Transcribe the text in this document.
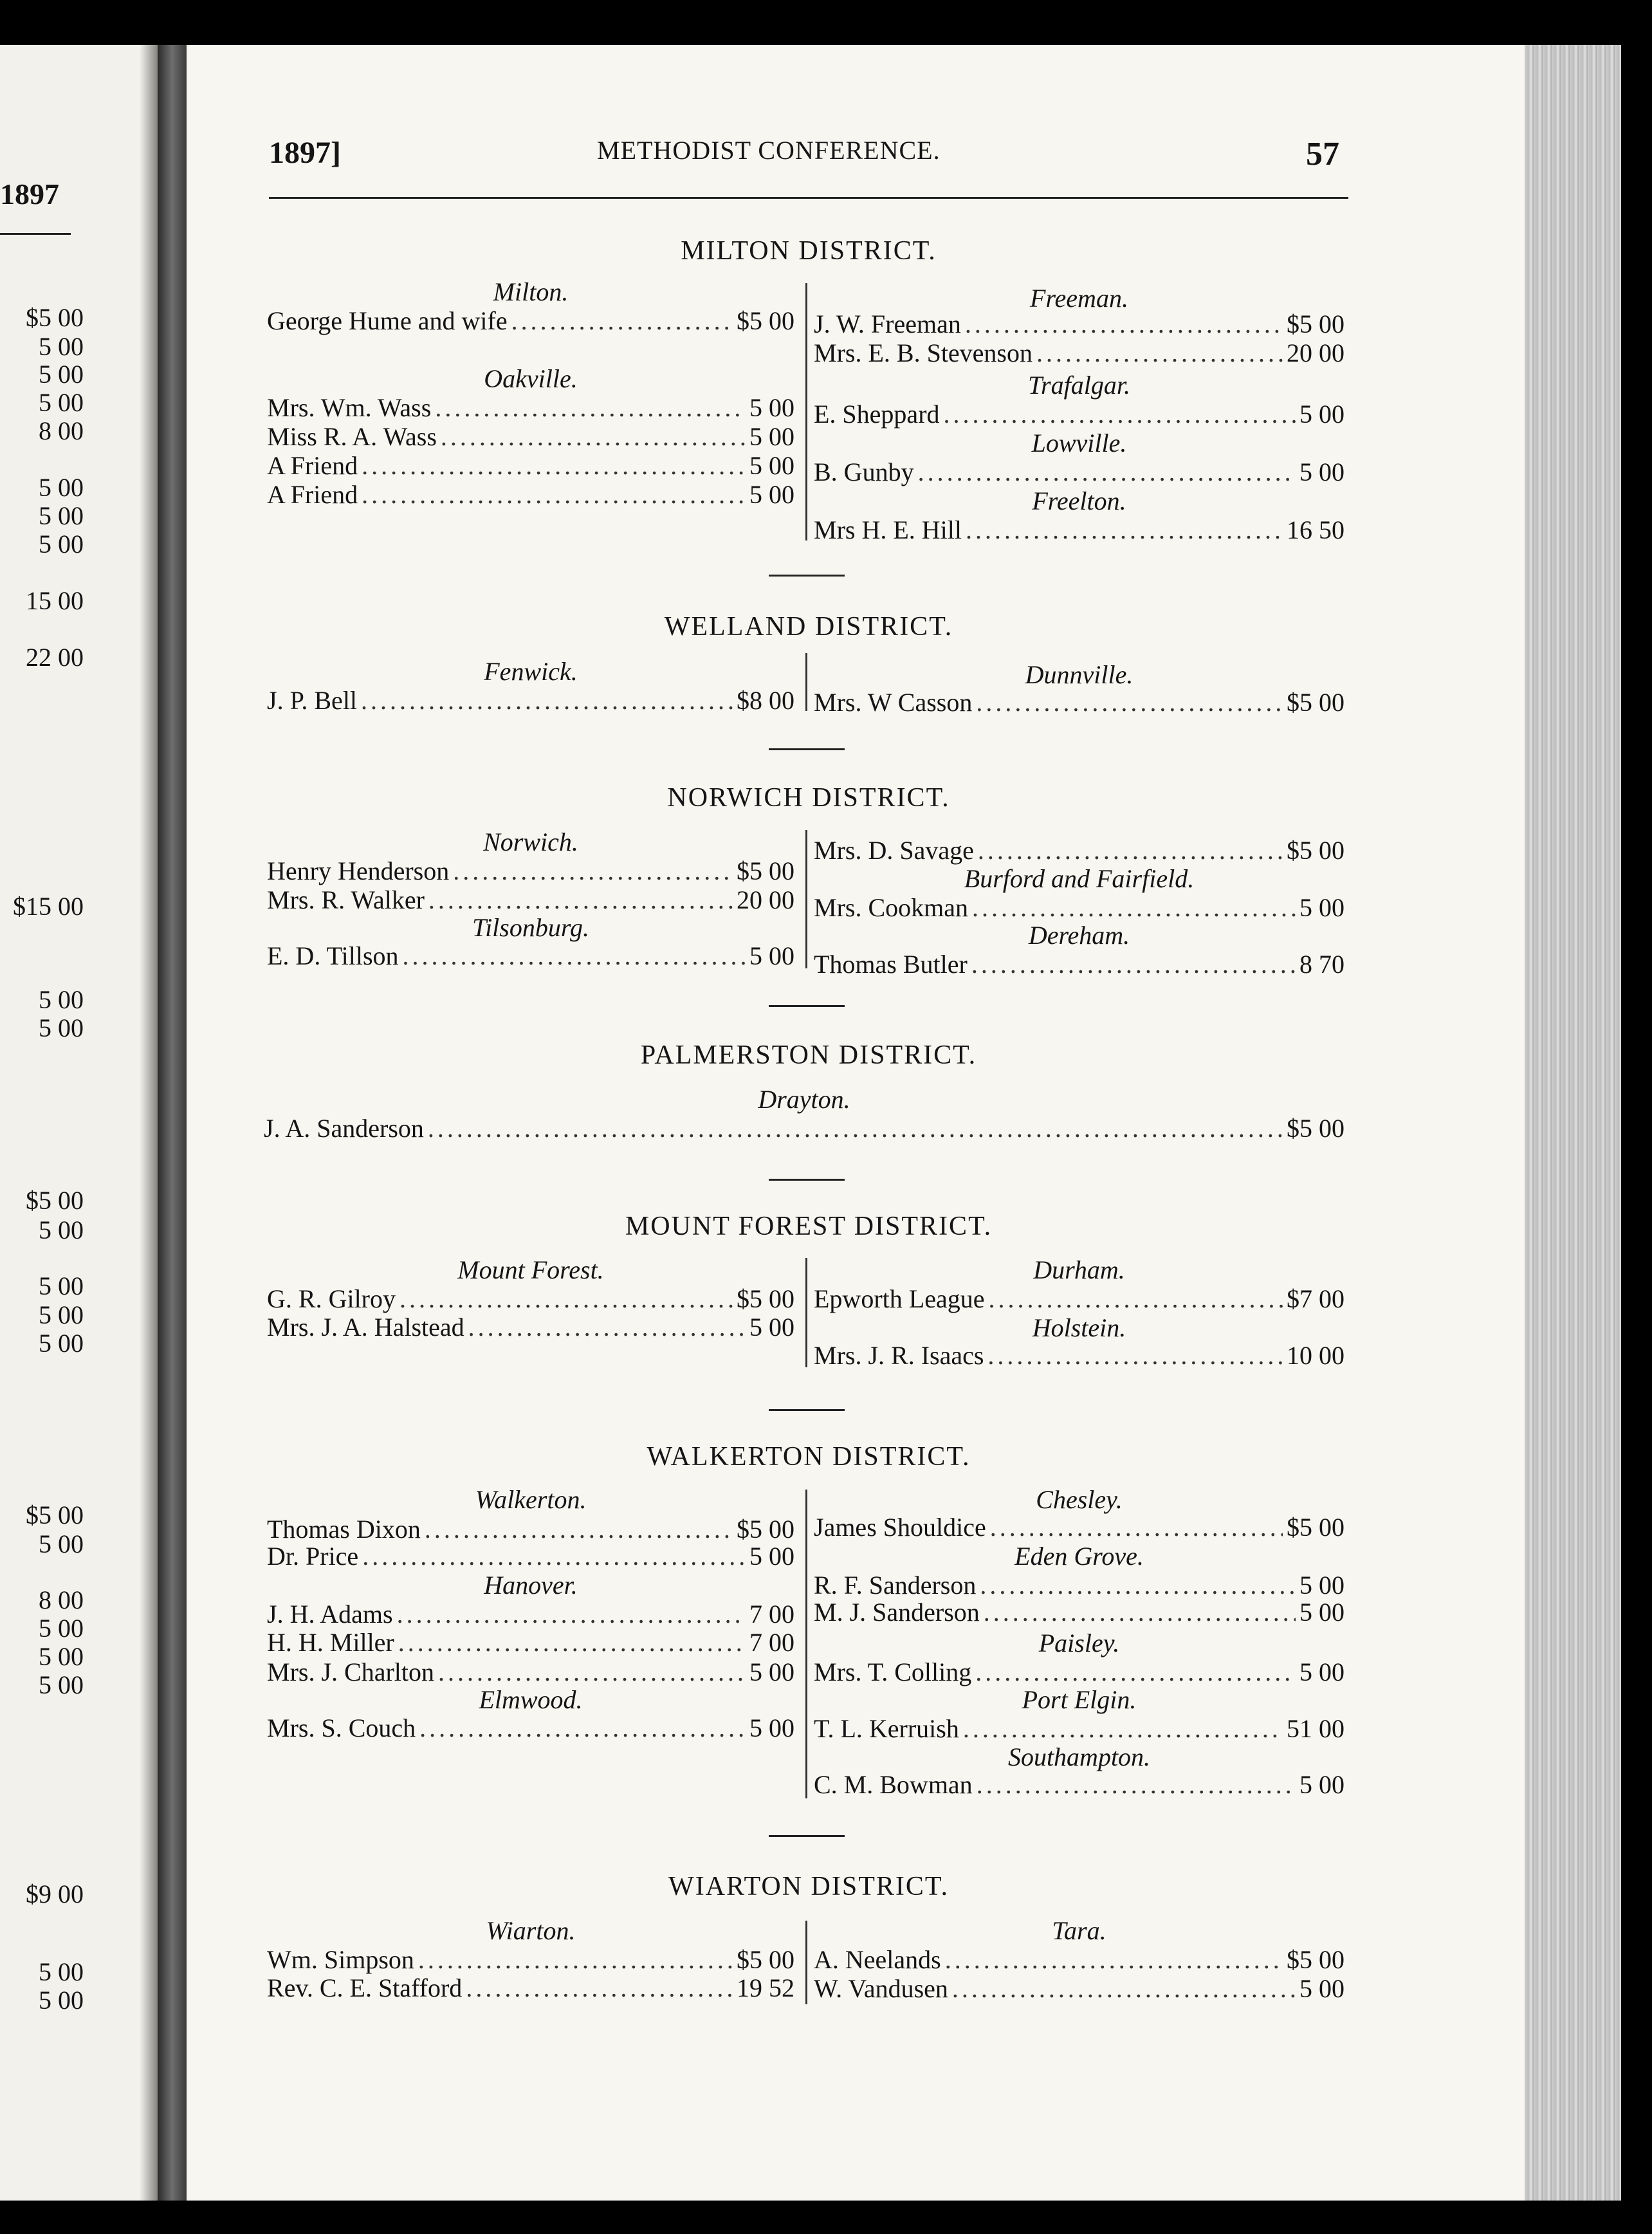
1897
$5 00
5 00
5 00
5 00
8 00
5 00
5 00
5 00
15 00
22 00
$15 00
5 00
5 00
$5 00
5 00
5 00
5 00
5 00
$5 00
5 00
8 00
5 00
5 00
5 00
$9 00
5 00
5 00
1897]	METHODIST CONFERENCE.	57
MILTON DISTRICT.
Milton.
George Hume and wife .....	$5 00
Oakville.
Mrs. Wm. Wass .....	5 00
Miss R. A. Wass .....	5 00
A Friend .....	5 00
A Friend .....	5 00
Freeman.
J. W. Freeman .....	$5 00
Mrs. E. B. Stevenson .....	20 00
Trafalgar.
E. Sheppard .....	5 00
Lowville.
B. Gunby .....	5 00
Freelton.
Mrs H. E. Hill .....	16 50
WELLAND DISTRICT.
Fenwick.
J. P. Bell .....	$8 00
Dunnville.
Mrs. W Casson .....	$5 00
NORWICH DISTRICT.
Norwich.
Henry Henderson .....	$5 00
Mrs. R. Walker .....	20 00
Tilsonburg.
E. D. Tillson .....	5 00
Mrs. D. Savage .....	$5 00
Burford and Fairfield.
Mrs. Cookman .....	5 00
Dereham.
Thomas Butler .....	8 70
PALMERSTON DISTRICT.
Drayton.
J. A. Sanderson .....	$5 00
MOUNT FOREST DISTRICT.
Mount Forest.
G. R. Gilroy .....	$5 00
Mrs. J. A. Halstead .....	5 00
Durham.
Epworth League .....	$7 00
Holstein.
Mrs. J. R. Isaacs .....	10 00
WALKERTON DISTRICT.
Walkerton.
Thomas Dixon .....	$5 00
Dr. Price .....	5 00
Hanover.
J. H. Adams .....	7 00
H. H. Miller .....	7 00
Mrs. J. Charlton .....	5 00
Elmwood.
Mrs. S. Couch .....	5 00
Chesley.
James Shouldice .....	$5 00
Eden Grove.
R. F. Sanderson .....	5 00
M. J. Sanderson .....	5 00
Paisley.
Mrs. T. Colling .....	5 00
Port Elgin.
T. L. Kerruish .....	51 00
Southampton.
C. M. Bowman .....	5 00
WIARTON DISTRICT.
Wiarton.
Wm. Simpson .....	$5 00
Rev. C. E. Stafford .....	19 52
Tara.
A. Neelands .....	$5 00
W. Vandusen .....	5 00
